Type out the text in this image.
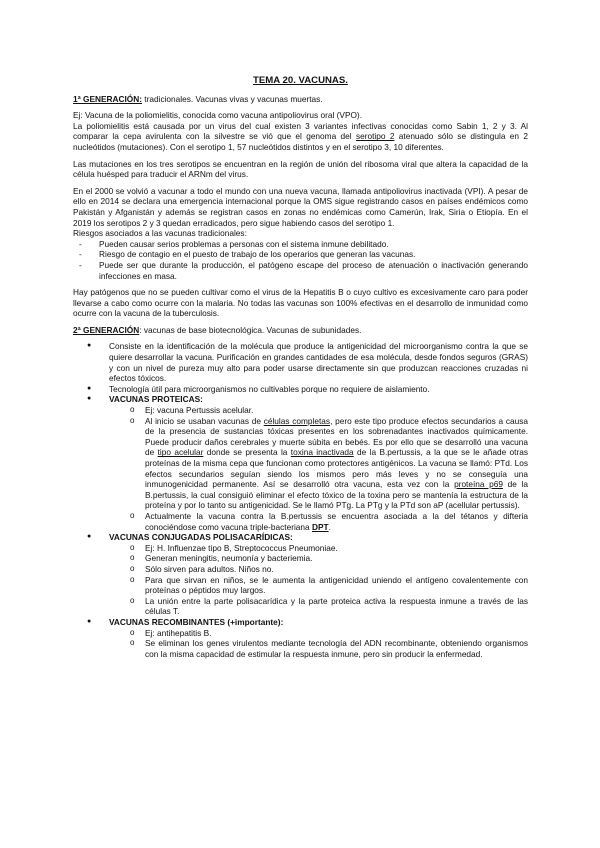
TEMA 20. VACUNAS.

1ª GENERACIÓN: tradicionales. Vacunas vivas y vacunas muertas.

Ej: Vacuna de la poliomielitis, conocida como vacuna antipoliovirus oral (VPO).

La poliomielitis está causada por un virus del cual existen 3 variantes infectivas conocidas como Sabin 1, 2 y 3. Al comparar la cepa avirulenta con la silvestre se vió que el genoma del serotipo 2 atenuado sólo se distingula en 2 nucleótidos (mutaciones). Con el serotipo 1, 57 nucleótidos distintos y en el serotipo 3, 10 diferentes.

Las mutaciones en los tres serotipos se encuentran en la región de unión del ribosoma viral que altera la capacidad de la célula huésped para traducir el ARNm del virus.

En el 2000 se volvió a vacunar a todo el mundo con una nueva vacuna, llamada antipoliovirus inactivada (VPI). A pesar de ello en 2014 se declara una emergencia internacional porque la OMS sigue registrando casos en países endémicos como Pakistán y Afganistán y además se registran casos en zonas no endémicas como Camerún, Irak, Siria o Etiopía. En el 2019 los serotipos 2 y 3 quedan erradicados, pero sigue habiendo casos del serotipo 1.

Riesgos asociados a las vacunas tradicionales:

- Pueden causar serios problemas a personas con el sistema inmune debilitado.
- Riesgo de contagio en el puesto de trabajo de los operarios que generan las vacunas.
- Puede ser que durante la producción, el patógeno escape del proceso de atenuación o inactivación generando infecciones en masa.

Hay patógenos que no se pueden cultivar como el virus de la Hepatitis B o cuyo cultivo es excesivamente caro para poder llevarse a cabo como ocurre con la malaria. No todas las vacunas son 100% efectivas en el desarrollo de inmunidad como ocurre con la vacuna de la tuberculosis.

2ª GENERACIÓN: vacunas de base biotecnológica. Vacunas de subunidades.

● Consiste en la identificación de la molécula que produce la antigenicidad del microorganismo contra la que se quiere desarrollar la vacuna. Purificación en grandes cantidades de esa molécula, desde fondos seguros (GRAS) y con un nivel de pureza muy alto para poder usarse directamente sin que produzcan reacciones cruzadas ni efectos tóxicos.
● Tecnología útil para microorganismos no cultivables porque no requiere de aislamiento.
● VACUNAS PROTEICAS:
o Ej: vacuna Pertussis acelular.
o Al inicio se usaban vacunas de células completas, pero este tipo produce efectos secundarios a causa de la presencia de sustancias tóxicas presentes en los sobrenadantes inactivados químicamente. Puede producir daños cerebrales y muerte súbita en bebés. Es por ello que se desarrolló una vacuna de tipo acelular donde se presenta la toxina inactivada de la B.pertussis, a la que se le añade otras proteínas de la misma cepa que funcionan como protectores antigénicos. La vacuna se llamó: PTd. Los efectos secundarios seguían siendo los mismos pero más leves y no se conseguía una inmunogenicidad permanente. Así se desarrolló otra vacuna, esta vez con la proteína p69 de la B.pertussis, la cual consiguió eliminar el efecto tóxico de la toxina pero se mantenía la estructura de la proteína y por lo tanto su antigenicidad. Se le llamó PTg. La PTg y la PTd son aP (acellular pertussis).
o Actualmente la vacuna contra la B.pertussis se encuentra asociada a la del tétanos y difteria conociéndose como vacuna triple-bacteriana DPT.
● VACUNAS CONJUGADAS POLISACARÍDICAS:
o Ej: H. Influenzae tipo B, Streptococcus Pneumoniae.
o Generan meningitis, neumonía y bacteriemia.
o Sólo sirven para adultos. Niños no.
o Para que sirvan en niños, se le aumenta la antigenicidad uniendo el antígeno covalentemente con proteínas o péptidos muy largos.
o La unión entre la parte polisacarídica y la parte proteica activa la respuesta inmune a través de las células T.
● VACUNAS RECOMBINANTES (+importante):
o Ej: antihepatitis B.
o Se eliminan los genes virulentos mediante tecnología del ADN recombinante, obteniendo organismos con la misma capacidad de estimular la respuesta inmune, pero sin producir la enfermedad.
